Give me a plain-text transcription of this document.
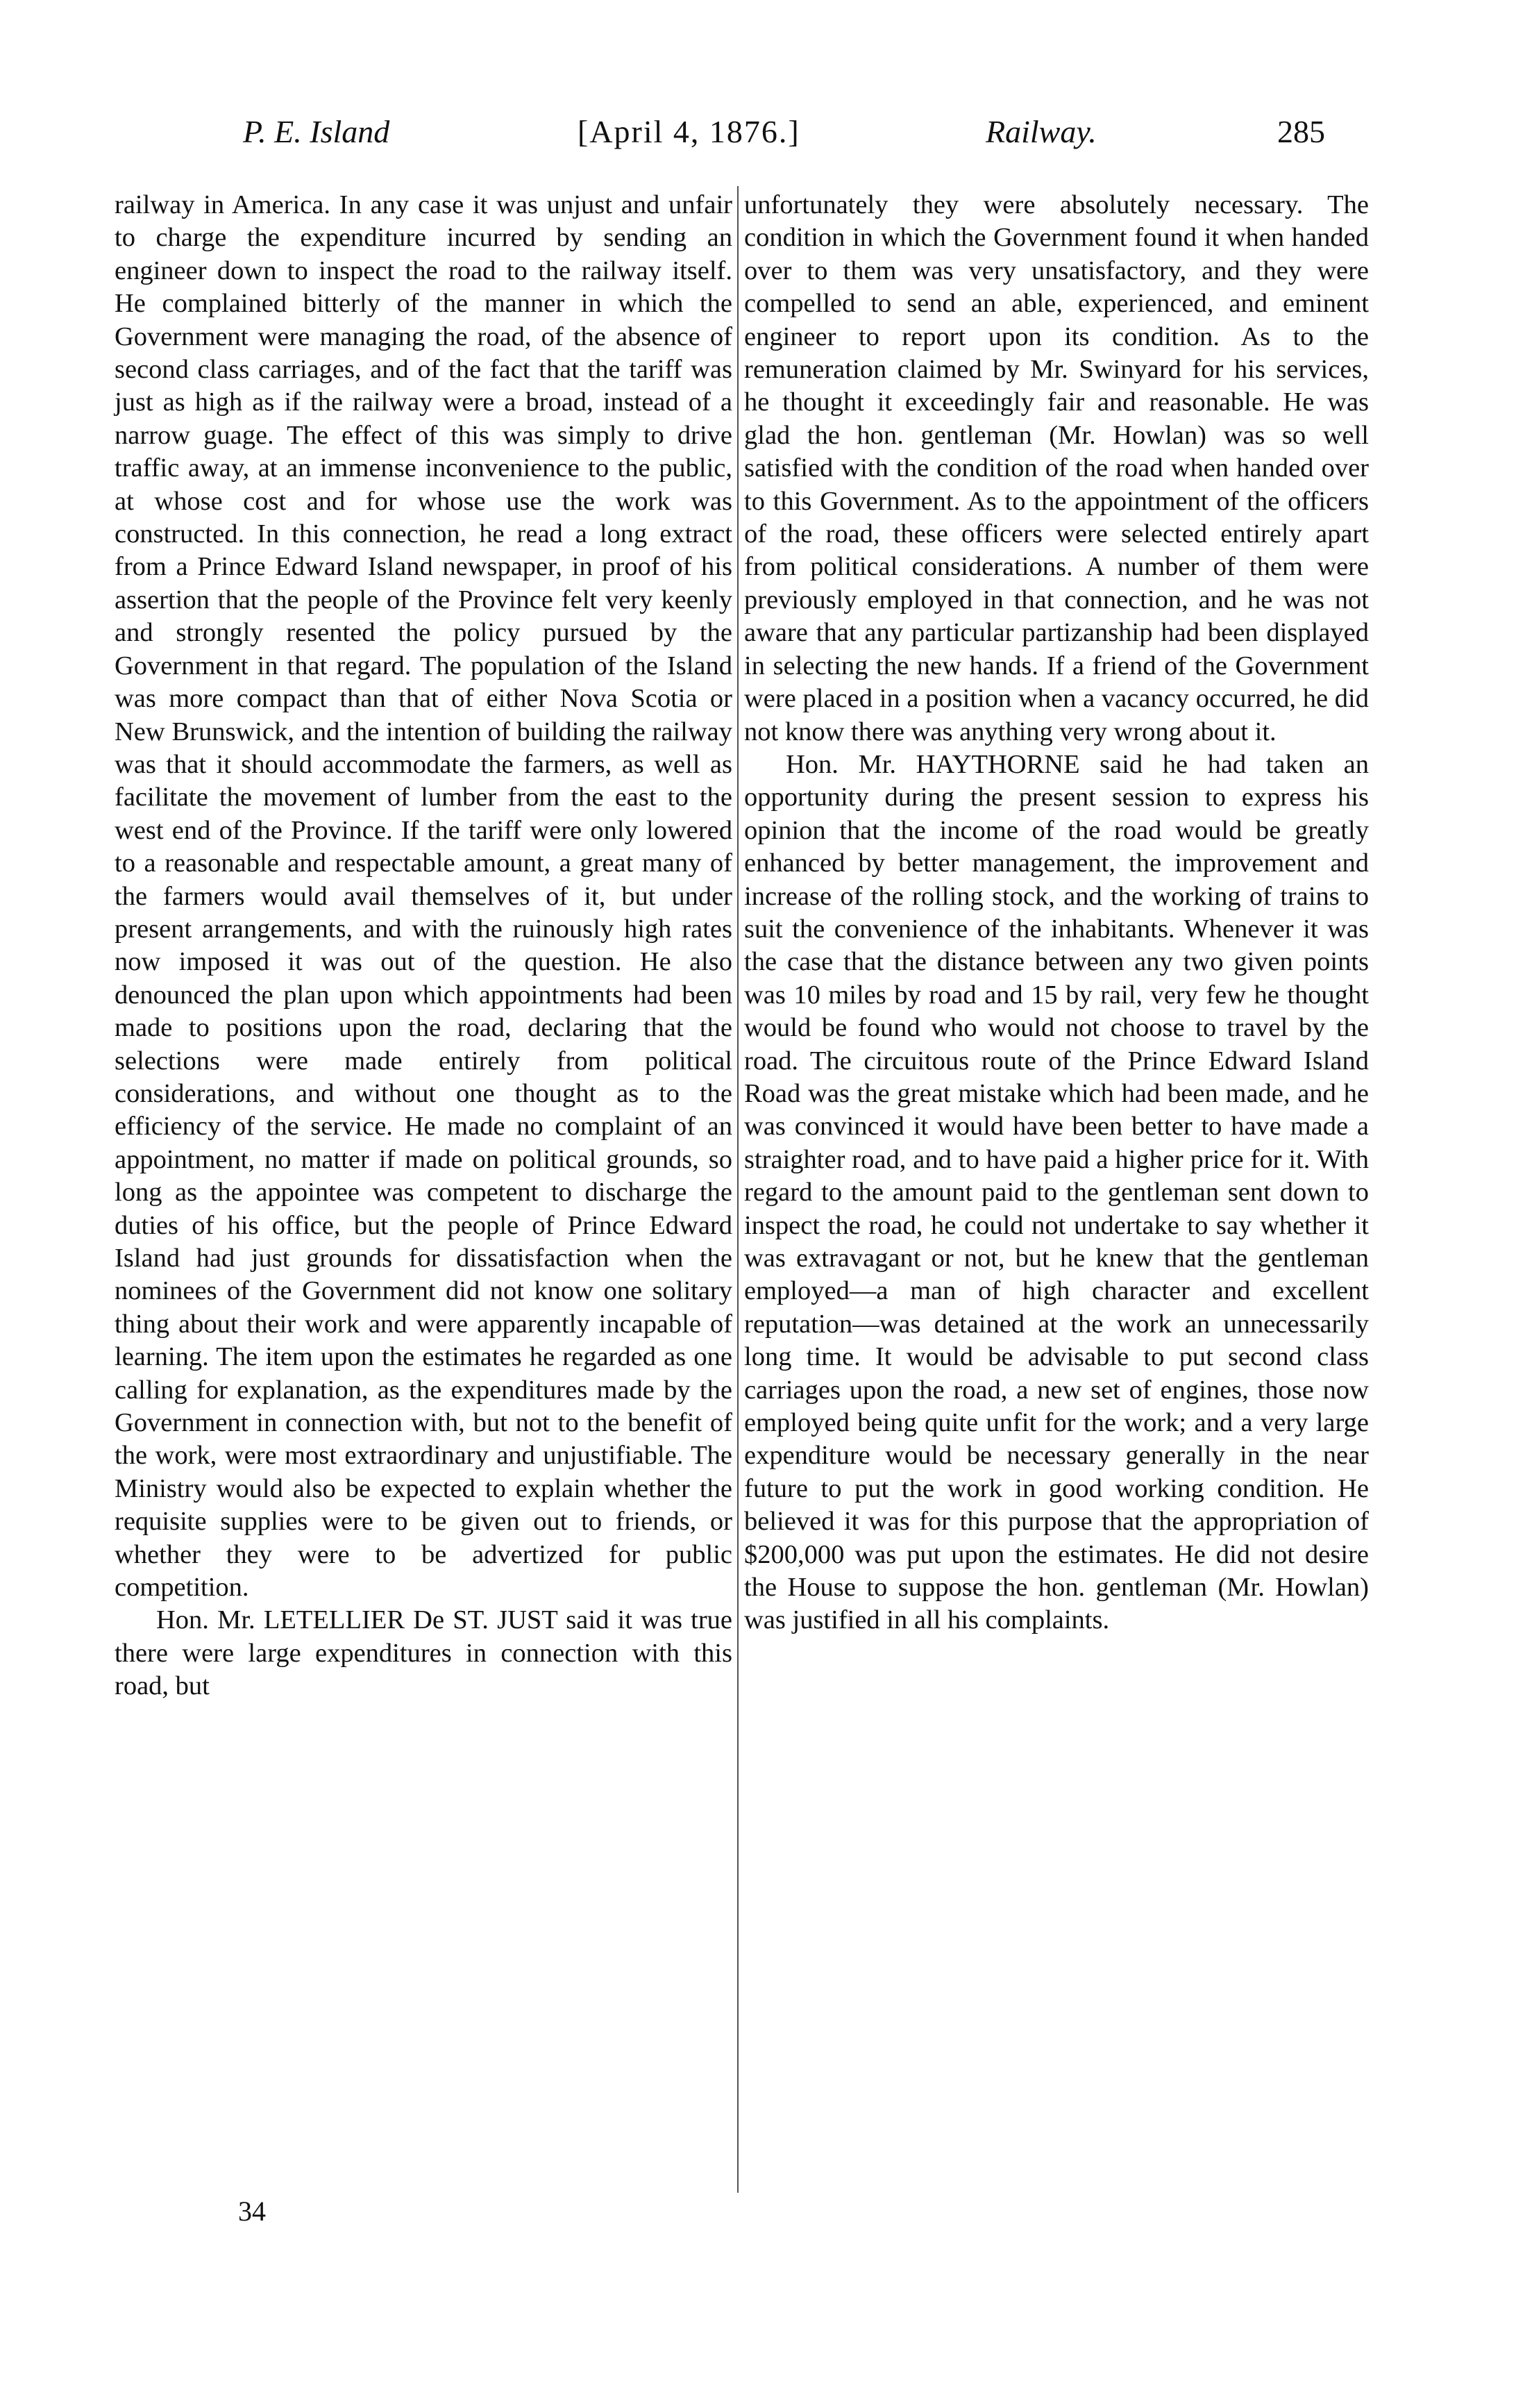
P. E. Island	[April 4, 1876.]	Railway.	285

railway in America. In any case it was unjust and unfair to charge the expenditure incurred by sending an engineer down to inspect the road to the railway itself. He complained bitterly of the manner in which the Government were managing the road, of the absence of second class carriages, and of the fact that the tariff was just as high as if the railway were a broad, instead of a narrow guage. The effect of this was simply to drive traffic away, at an immense inconvenience to the public, at whose cost and for whose use the work was constructed. In this connection, he read a long extract from a Prince Edward Island newspaper, in proof of his assertion that the people of the Province felt very keenly and strongly resented the policy pursued by the Government in that regard. The population of the Island was more compact than that of either Nova Scotia or New Brunswick, and the intention of building the railway was that it should accommodate the farmers, as well as facilitate the movement of lumber from the east to the west end of the Province. If the tariff were only lowered to a reasonable and respectable amount, a great many of the farmers would avail themselves of it, but under present arrangements, and with the ruinously high rates now imposed it was out of the question. He also denounced the plan upon which appointments had been made to positions upon the road, declaring that the selections were made entirely from political considerations, and without one thought as to the efficiency of the service. He made no complaint of an appointment, no matter if made on political grounds, so long as the appointee was competent to discharge the duties of his office, but the people of Prince Edward Island had just grounds for dissatisfaction when the nominees of the Government did not know one solitary thing about their work and were apparently incapable of learning. The item upon the estimates he regarded as one calling for explanation, as the expenditures made by the Government in connection with, but not to the benefit of the work, were most extraordinary and unjustifiable. The Ministry would also be expected to explain whether the requisite supplies were to be given out to friends, or whether they were to be advertized for public competition.

Hon. Mr. LETELLIER De ST. JUST said it was true there were large expenditures in connection with this road, but

unfortunately they were absolutely necessary. The condition in which the Government found it when handed over to them was very unsatisfactory, and they were compelled to send an able, experienced, and eminent engineer to report upon its condition. As to the remuneration claimed by Mr. Swinyard for his services, he thought it exceedingly fair and reasonable. He was glad the hon. gentleman (Mr. Howlan) was so well satisfied with the condition of the road when handed over to this Government. As to the appointment of the officers of the road, these officers were selected entirely apart from political considerations. A number of them were previously employed in that connection, and he was not aware that any particular partizanship had been displayed in selecting the new hands. If a friend of the Government were placed in a position when a vacancy occurred, he did not know there was anything very wrong about it.

Hon. Mr. HAYTHORNE said he had taken an opportunity during the present session to express his opinion that the income of the road would be greatly enhanced by better management, the improvement and increase of the rolling stock, and the working of trains to suit the convenience of the inhabitants. Whenever it was the case that the distance between any two given points was 10 miles by road and 15 by rail, very few he thought would be found who would not choose to travel by the road. The circuitous route of the Prince Edward Island Road was the great mistake which had been made, and he was convinced it would have been better to have made a straighter road, and to have paid a higher price for it. With regard to the amount paid to the gentleman sent down to inspect the road, he could not undertake to say whether it was extravagant or not, but he knew that the gentleman employed—a man of high character and excellent reputation—was detained at the work an unnecessarily long time. It would be advisable to put second class carriages upon the road, a new set of engines, those now employed being quite unfit for the work; and a very large expenditure would be necessary generally in the near future to put the work in good working condition. He believed it was for this purpose that the appropriation of $200,000 was put upon the estimates. He did not desire the House to suppose the hon. gentleman (Mr. Howlan) was justified in all his complaints.

34
